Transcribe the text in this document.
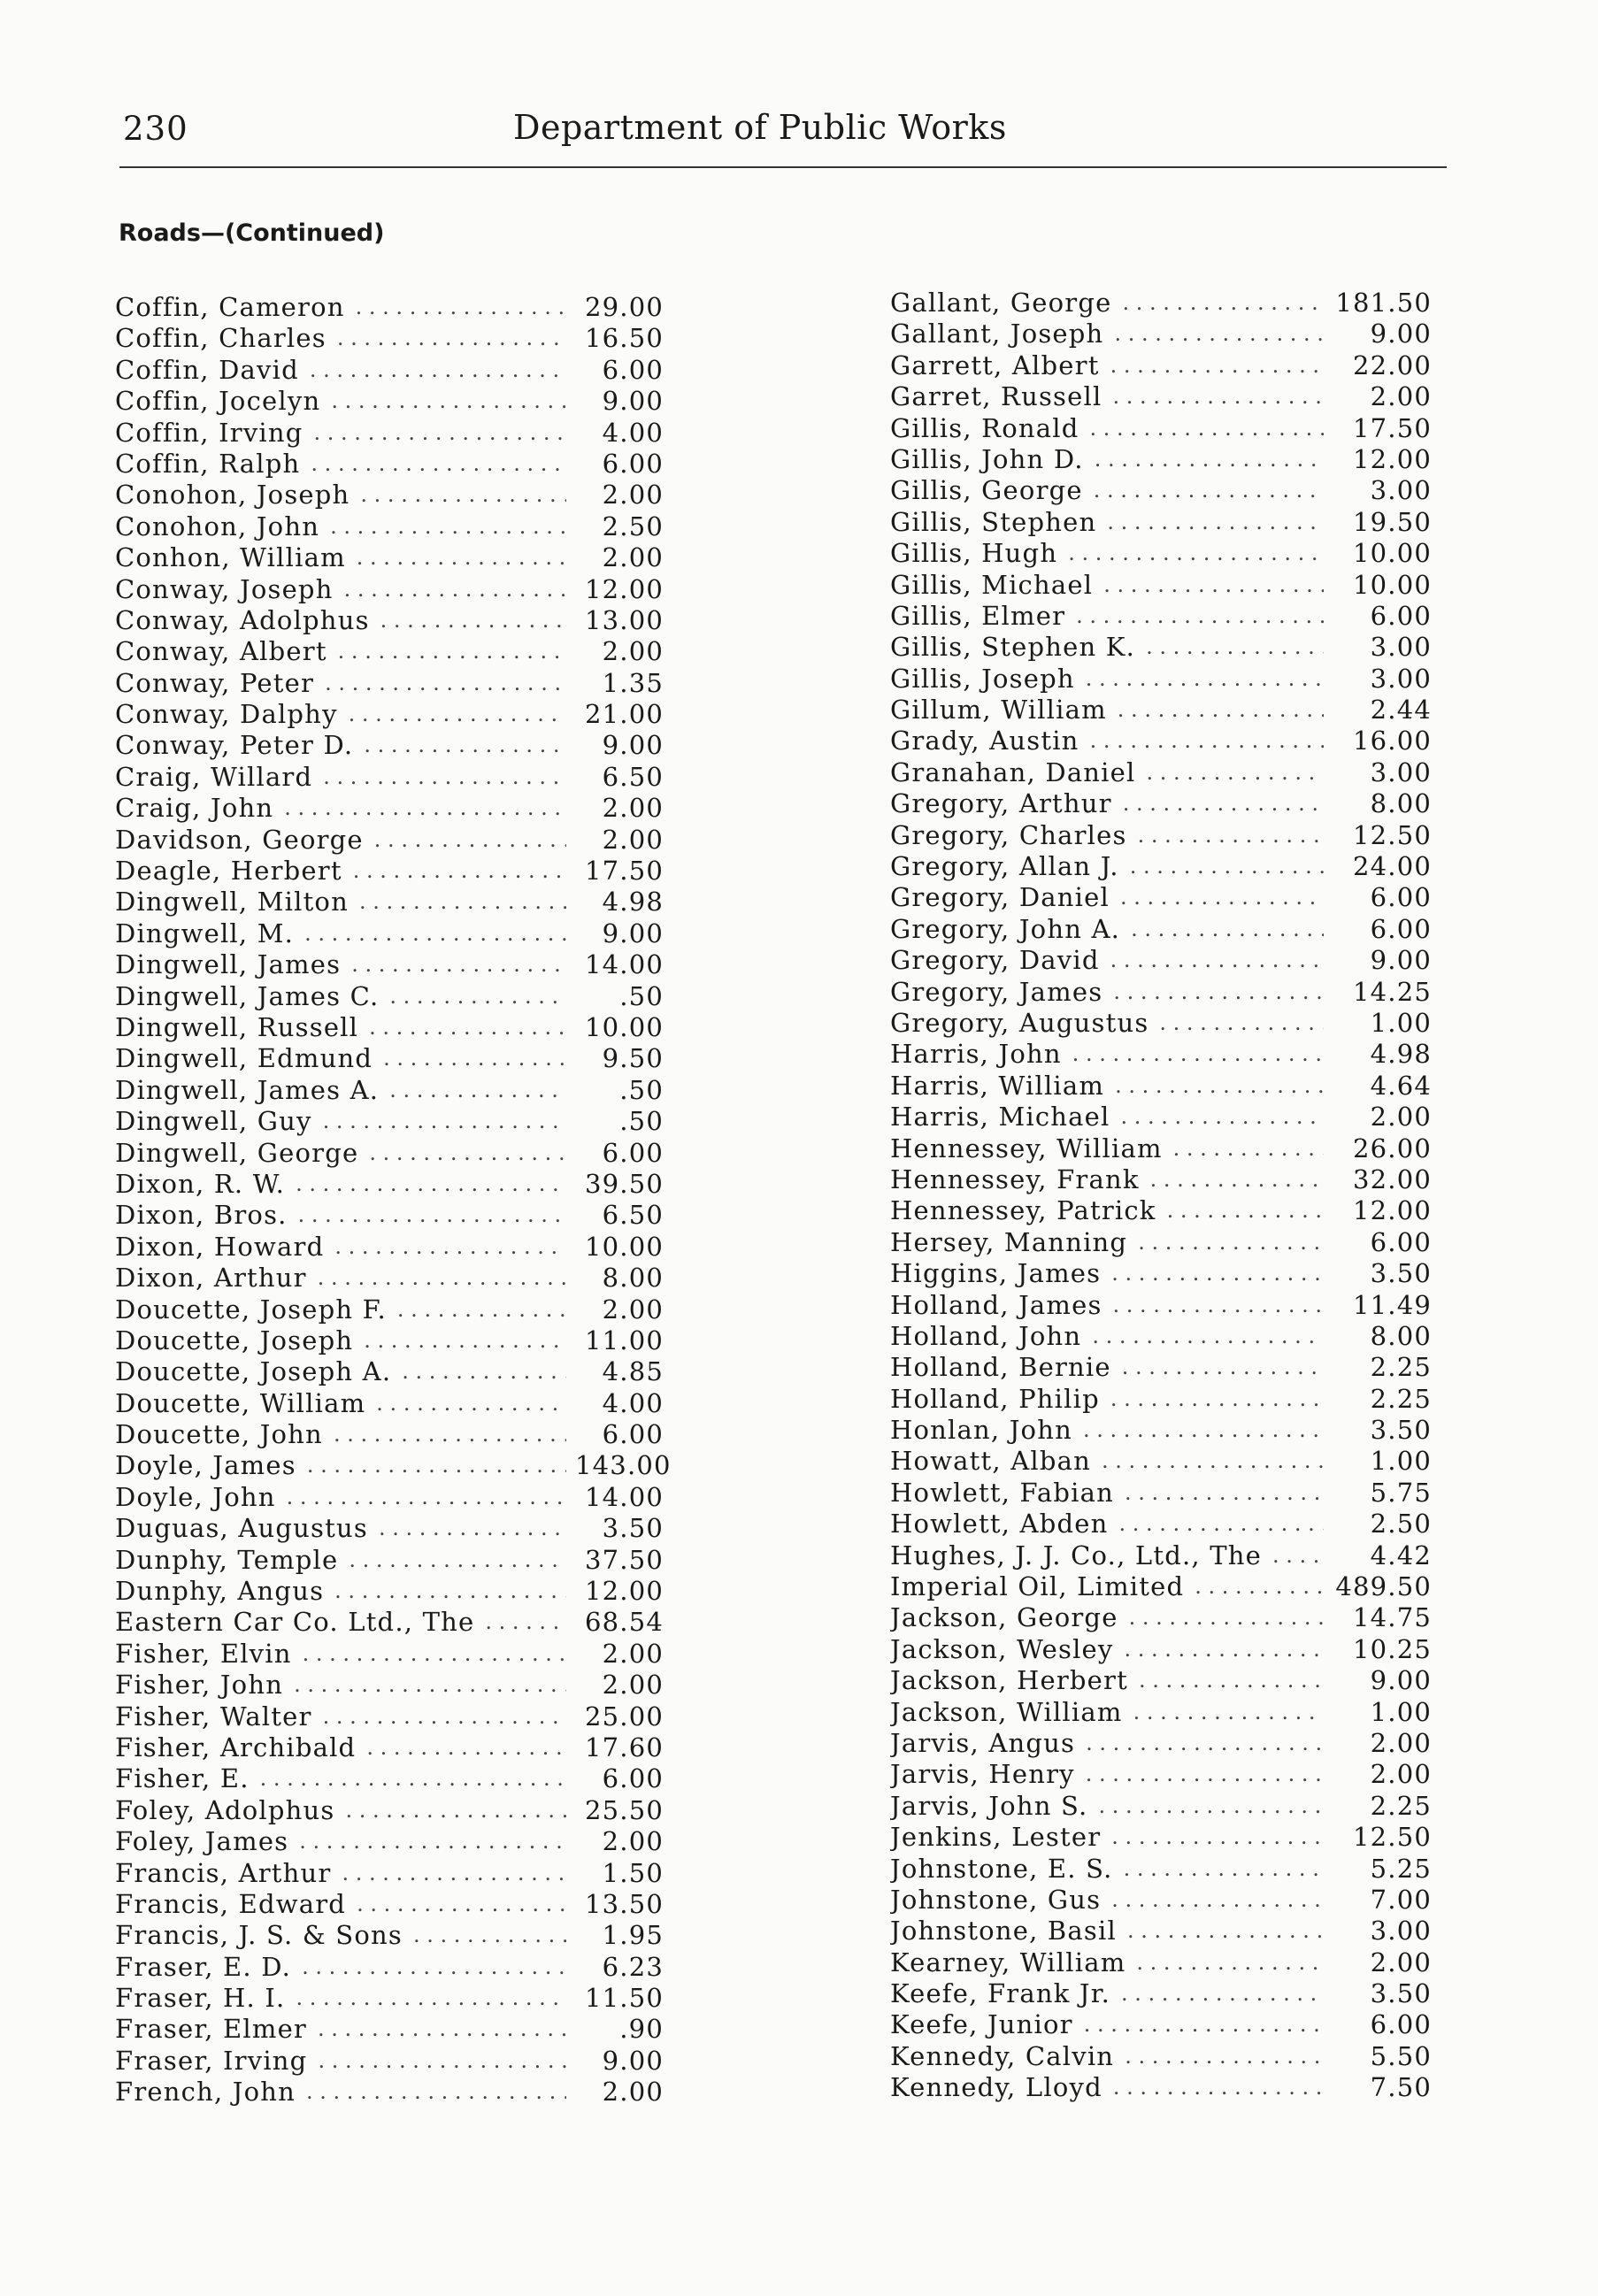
230	Department of Public Works
Roads—(Continued)
Coffin, Cameron . . .	29.00
Coffin, Charles . . .	16.50
Coffin, David . . .	6.00
Coffin, Jocelyn . . .	9.00
Coffin, Irving . . .	4.00
Coffin, Ralph . . .	6.00
Conohon, Joseph . . .	2.00
Conohon, John . . .	2.50
Conhon, William . . .	2.00
Conway, Joseph . . .	12.00
Conway, Adolphus . . .	13.00
Conway, Albert . . .	2.00
Conway, Peter . . .	1.35
Conway, Dalphy . . .	21.00
Conway, Peter D. . . .	9.00
Craig, Willard . . .	6.50
Craig, John . . .	2.00
Davidson, George . . .	2.00
Deagle, Herbert . . .	17.50
Dingwell, Milton . . .	4.98
Dingwell, M. . . .	9.00
Dingwell, James . . .	14.00
Dingwell, James C. . . .	.50
Dingwell, Russell . . .	10.00
Dingwell, Edmund . . .	9.50
Dingwell, James A. . . .	.50
Dingwell, Guy . . .	.50
Dingwell, George . . .	6.00
Dixon, R. W. . . .	39.50
Dixon, Bros. . . .	6.50
Dixon, Howard . . .	10.00
Dixon, Arthur . . .	8.00
Doucette, Joseph F. . . .	2.00
Doucette, Joseph . . .	11.00
Doucette, Joseph A. . . .	4.85
Doucette, William . . .	4.00
Doucette, John . . .	6.00
Doyle, James . . .	143.00
Doyle, John . . .	14.00
Duguas, Augustus . . .	3.50
Dunphy, Temple . . .	37.50
Dunphy, Angus . . .	12.00
Eastern Car Co. Ltd., The . . .	68.54
Fisher, Elvin . . .	2.00
Fisher, John . . .	2.00
Fisher, Walter . . .	25.00
Fisher, Archibald . . .	17.60
Fisher, E. . . .	6.00
Foley, Adolphus . . .	25.50
Foley, James . . .	2.00
Francis, Arthur . . .	1.50
Francis, Edward . . .	13.50
Francis, J. S. & Sons . . .	1.95
Fraser, E. D. . . .	6.23
Fraser, H. I. . . .	11.50
Fraser, Elmer . . .	.90
Fraser, Irving . . .	9.00
French, John . . .	2.00
Gallant, George . . .	181.50
Gallant, Joseph . . .	9.00
Garrett, Albert . . .	22.00
Garret, Russell . . .	2.00
Gillis, Ronald . . .	17.50
Gillis, John D. . . .	12.00
Gillis, George . . .	3.00
Gillis, Stephen . . .	19.50
Gillis, Hugh . . .	10.00
Gillis, Michael . . .	10.00
Gillis, Elmer . . .	6.00
Gillis, Stephen K. . . .	3.00
Gillis, Joseph . . .	3.00
Gillum, William . . .	2.44
Grady, Austin . . .	16.00
Granahan, Daniel . . .	3.00
Gregory, Arthur . . .	8.00
Gregory, Charles . . .	12.50
Gregory, Allan J. . . .	24.00
Gregory, Daniel . . .	6.00
Gregory, John A. . . .	6.00
Gregory, David . . .	9.00
Gregory, James . . .	14.25
Gregory, Augustus . . .	1.00
Harris, John . . .	4.98
Harris, William . . .	4.64
Harris, Michael . . .	2.00
Hennessey, William . . .	26.00
Hennessey, Frank . . .	32.00
Hennessey, Patrick . . .	12.00
Hersey, Manning . . .	6.00
Higgins, James . . .	3.50
Holland, James . . .	11.49
Holland, John . . .	8.00
Holland, Bernie . . .	2.25
Holland, Philip . . .	2.25
Honlan, John . . .	3.50
Howatt, Alban . . .	1.00
Howlett, Fabian . . .	5.75
Howlett, Abden . . .	2.50
Hughes, J. J. Co., Ltd., The . . .	4.42
Imperial Oil, Limited . . .	489.50
Jackson, George . . .	14.75
Jackson, Wesley . . .	10.25
Jackson, Herbert . . .	9.00
Jackson, William . . .	1.00
Jarvis, Angus . . .	2.00
Jarvis, Henry . . .	2.00
Jarvis, John S. . . .	2.25
Jenkins, Lester . . .	12.50
Johnstone, E. S. . . .	5.25
Johnstone, Gus . . .	7.00
Johnstone, Basil . . .	3.00
Kearney, William . . .	2.00
Keefe, Frank Jr. . . .	3.50
Keefe, Junior . . .	6.00
Kennedy, Calvin . . .	5.50
Kennedy, Lloyd . . .	7.50
